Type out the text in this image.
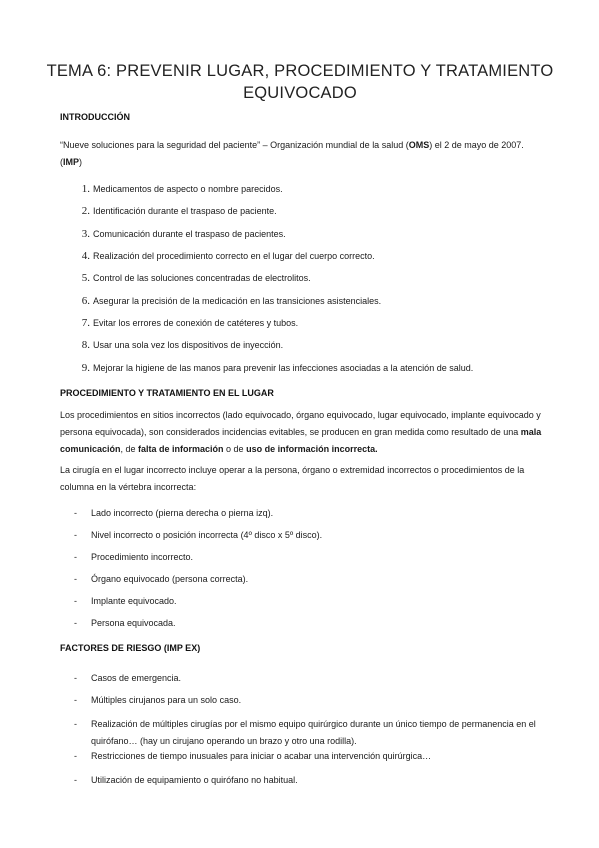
TEMA 6: PREVENIR LUGAR, PROCEDIMIENTO Y TRATAMIENTO
EQUIVOCADO
INTRODUCCIÓN
“Nueve soluciones para la seguridad del paciente” – Organización mundial de la salud (OMS) el 2 de mayo de 2007. (IMP)
1. Medicamentos de aspecto o nombre parecidos.
2. Identificación durante el traspaso de paciente.
3. Comunicación durante el traspaso de pacientes.
4. Realización del procedimiento correcto en el lugar del cuerpo correcto.
5. Control de las soluciones concentradas de electrolitos.
6. Asegurar la precisión de la medicación en las transiciones asistenciales.
7. Evitar los errores de conexión de catéteres y tubos.
8. Usar una sola vez los dispositivos de inyección.
9. Mejorar la higiene de las manos para prevenir las infecciones asociadas a la atención de salud.
PROCEDIMIENTO Y TRATAMIENTO EN EL LUGAR
Los procedimientos en sitios incorrectos (lado equivocado, órgano equivocado, lugar equivocado, implante equivocado y persona equivocada), son considerados incidencias evitables, se producen en gran medida como resultado de una mala comunicación, de falta de información o de uso de información incorrecta.
La cirugía en el lugar incorrecto incluye operar a la persona, órgano o extremidad incorrectos o procedimientos de la columna en la vértebra incorrecta:
- Lado incorrecto (pierna derecha o pierna izq).
- Nivel incorrecto o posición incorrecta (4º disco x 5º disco).
- Procedimiento incorrecto.
- Órgano equivocado (persona correcta).
- Implante equivocado.
- Persona equivocada.
FACTORES DE RIESGO (IMP EX)
- Casos de emergencia.
- Múltiples cirujanos para un solo caso.
- Realización de múltiples cirugías por el mismo equipo quirúrgico durante un único tiempo de permanencia en el quirófano… (hay un cirujano operando un brazo y otro una rodilla).
- Restricciones de tiempo inusuales para iniciar o acabar una intervención quirúrgica…
- Utilización de equipamiento o quirófano no habitual.
